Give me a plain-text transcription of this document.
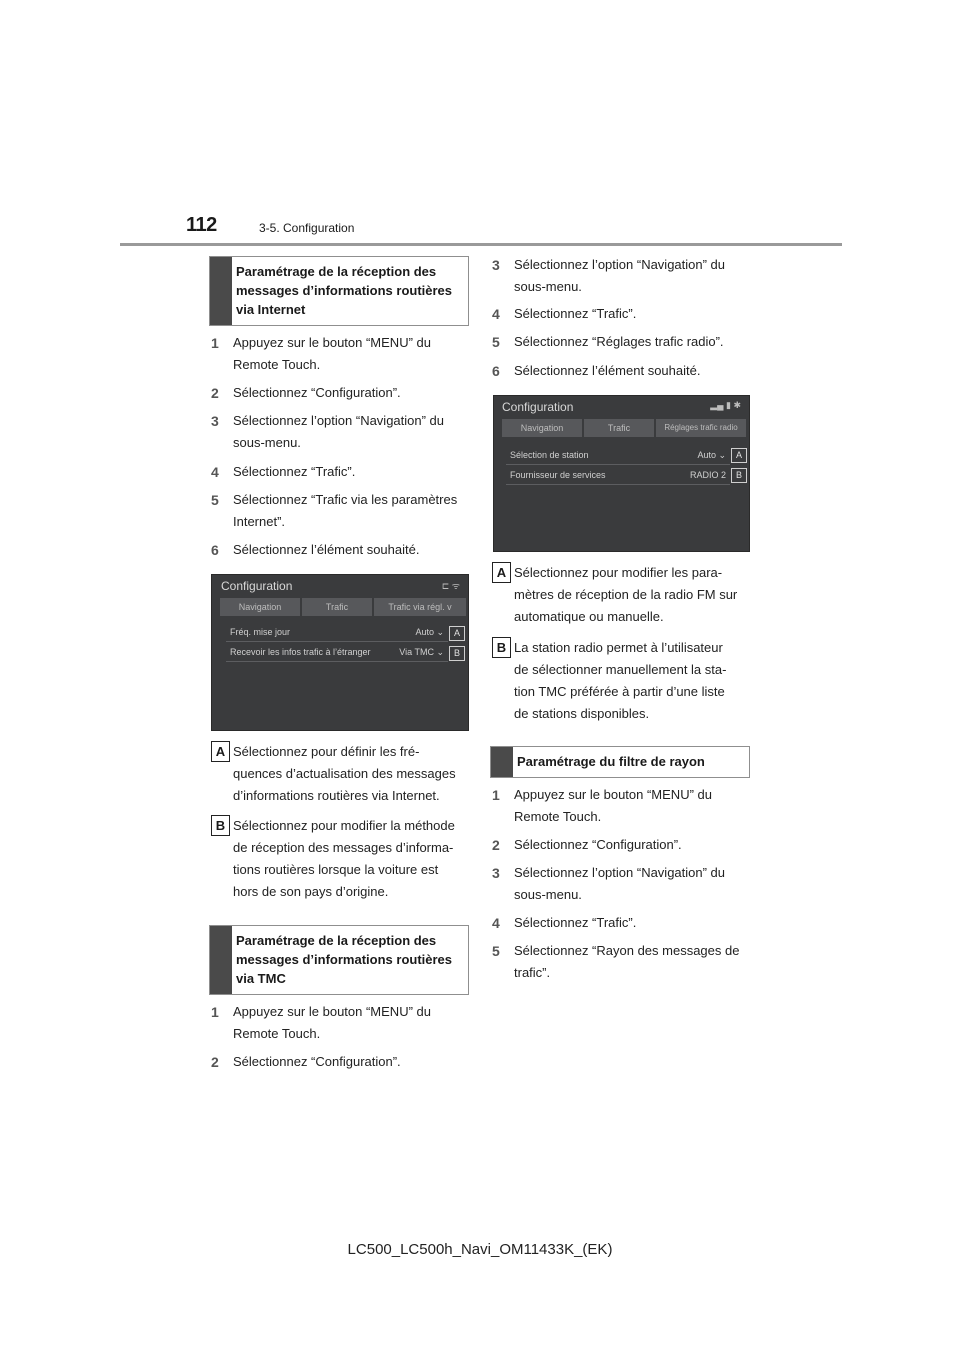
112	3-5. Configuration
Paramétrage de la réception des
messages d’informations routières
via Internet
1 Appuyez sur le bouton “MENU” du
Remote Touch.
2 Sélectionnez “Configuration”.
3 Sélectionnez l’option “Navigation” du
sous-menu.
4 Sélectionnez “Trafic”.
5 Sélectionnez “Trafic via les paramètres
Internet”.
6 Sélectionnez l’élément souhaité.
Configuration	⊏ ᯤ
Navigation	Trafic	Trafic via régl. v
Fréq. mise jour	Auto ⌄	A
Recevoir les infos trafic à l’étranger	Via TMC ⌄	B
A Sélectionnez pour définir les fré-
quences d’actualisation des messages
d’informations routières via Internet.
B Sélectionnez pour modifier la méthode
de réception des messages d’informa-
tions routières lorsque la voiture est
hors de son pays d’origine.
Paramétrage de la réception des
messages d’informations routières
via TMC
1 Appuyez sur le bouton “MENU” du
Remote Touch.
2 Sélectionnez “Configuration”.
3 Sélectionnez l’option “Navigation” du
sous-menu.
4 Sélectionnez “Trafic”.
5 Sélectionnez “Réglages trafic radio”.
6 Sélectionnez l’élément souhaité.
Configuration	▂▄ ▮ ✱
Navigation	Trafic	Réglages trafic radio
Sélection de station	Auto ⌄	A
Fournisseur de services	RADIO 2	B
A Sélectionnez pour modifier les para-
mètres de réception de la radio FM sur
automatique ou manuelle.
B La station radio permet à l’utilisateur
de sélectionner manuellement la sta-
tion TMC préférée à partir d’une liste
de stations disponibles.
Paramétrage du filtre de rayon
1 Appuyez sur le bouton “MENU” du
Remote Touch.
2 Sélectionnez “Configuration”.
3 Sélectionnez l’option “Navigation” du
sous-menu.
4 Sélectionnez “Trafic”.
5 Sélectionnez “Rayon des messages de
trafic”.
LC500_LC500h_Navi_OM11433K_(EK)
